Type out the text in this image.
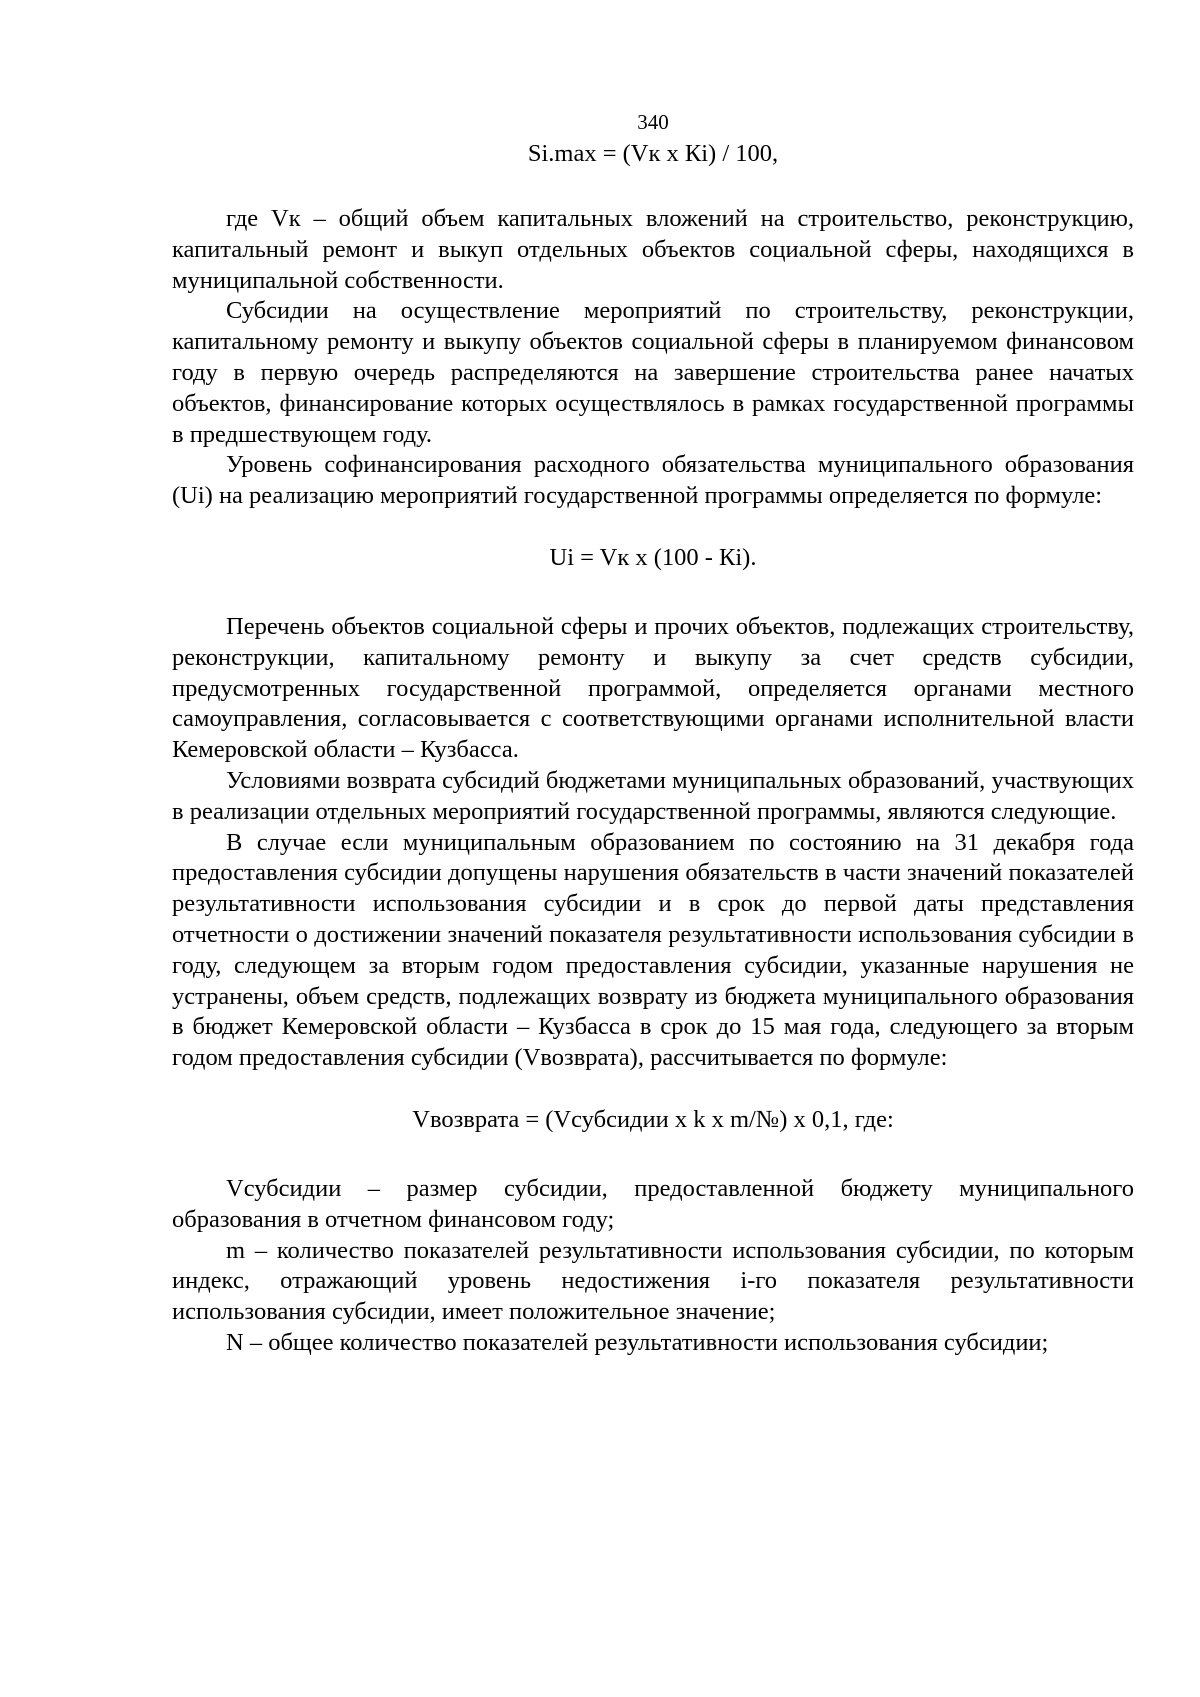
340

Si.max = (Vк х Кi) / 100,

где Vк – общий объем капитальных вложений на строительство, реконструкцию, капитальный ремонт и выкуп отдельных объектов социальной сферы, находящихся в муниципальной собственности.

Субсидии на осуществление мероприятий по строительству, реконструкции, капитальному ремонту и выкупу объектов социальной сферы в планируемом финансовом году в первую очередь распределяются на завершение строительства ранее начатых объектов, финансирование которых осуществлялось в рамках государственной программы в предшествующем году.

Уровень софинансирования расходного обязательства муниципального образования (Ui) на реализацию мероприятий государственной программы определяется по формуле:

Ui = Vк х (100 - Кi).

Перечень объектов социальной сферы и прочих объектов, подлежащих строительству, реконструкции, капитальному ремонту и выкупу за счет средств субсидии, предусмотренных государственной программой, определяется органами местного самоуправления, согласовывается с соответствующими органами исполнительной власти Кемеровской области – Кузбасса.

Условиями возврата субсидий бюджетами муниципальных образований, участвующих в реализации отдельных мероприятий государственной программы, являются следующие.

В случае если муниципальным образованием по состоянию на 31 декабря года предоставления субсидии допущены нарушения обязательств в части значений показателей результативности использования субсидии и в срок до первой даты представления отчетности о достижении значений показателя результативности использования субсидии в году, следующем за вторым годом предоставления субсидии, указанные нарушения не устранены, объем средств, подлежащих возврату из бюджета муниципального образования в бюджет Кемеровской области – Кузбасса в срок до 15 мая года, следующего за вторым годом предоставления субсидии (Vвозврата), рассчитывается по формуле:

Vвозврата = (Vсубсидии x k x m/№) x 0,1, где:

Vсубсидии – размер субсидии, предоставленной бюджету муниципального образования в отчетном финансовом году;

m – количество показателей результативности использования субсидии, по которым индекс, отражающий уровень недостижения i-го показателя результативности использования субсидии, имеет положительное значение;

N – общее количество показателей результативности использования субсидии;
